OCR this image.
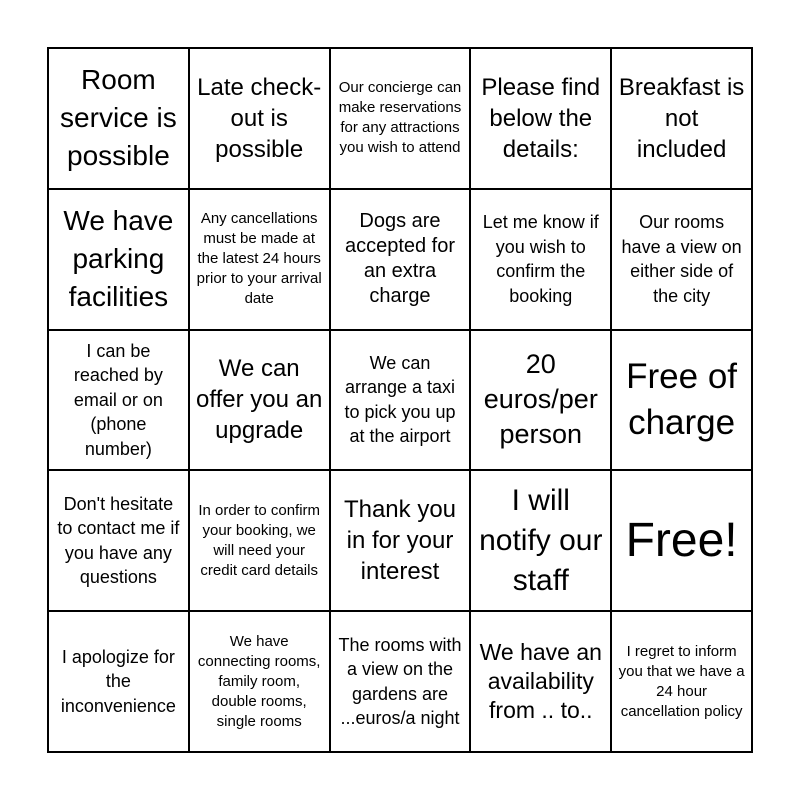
Room service is possible
Late check-out is possible
Our concierge can make reservations for any attractions you wish to attend
Please find below the details:
Breakfast is not included
We have parking facilities
Any cancellations must be made at the latest 24 hours prior to your arrival date
Dogs are accepted for an extra charge
Let me know if you wish to confirm the booking
Our rooms have a view on either side of the city
I can be reached by email or on (phone number)
We can offer you an upgrade
We can arrange a taxi to pick you up at the airport
20 euros/per person
Free of charge
Don't hesitate to contact me if you have any questions
In order to confirm your booking, we will need your credit card details
Thank you in for your interest
I will notify our staff
Free!
I apologize for the inconvenience
We have connecting rooms, family room, double rooms, single rooms
The rooms with a view on the gardens are ...euros/a night
We have an availability from .. to..
I regret to inform you that we have a 24 hour cancellation policy
